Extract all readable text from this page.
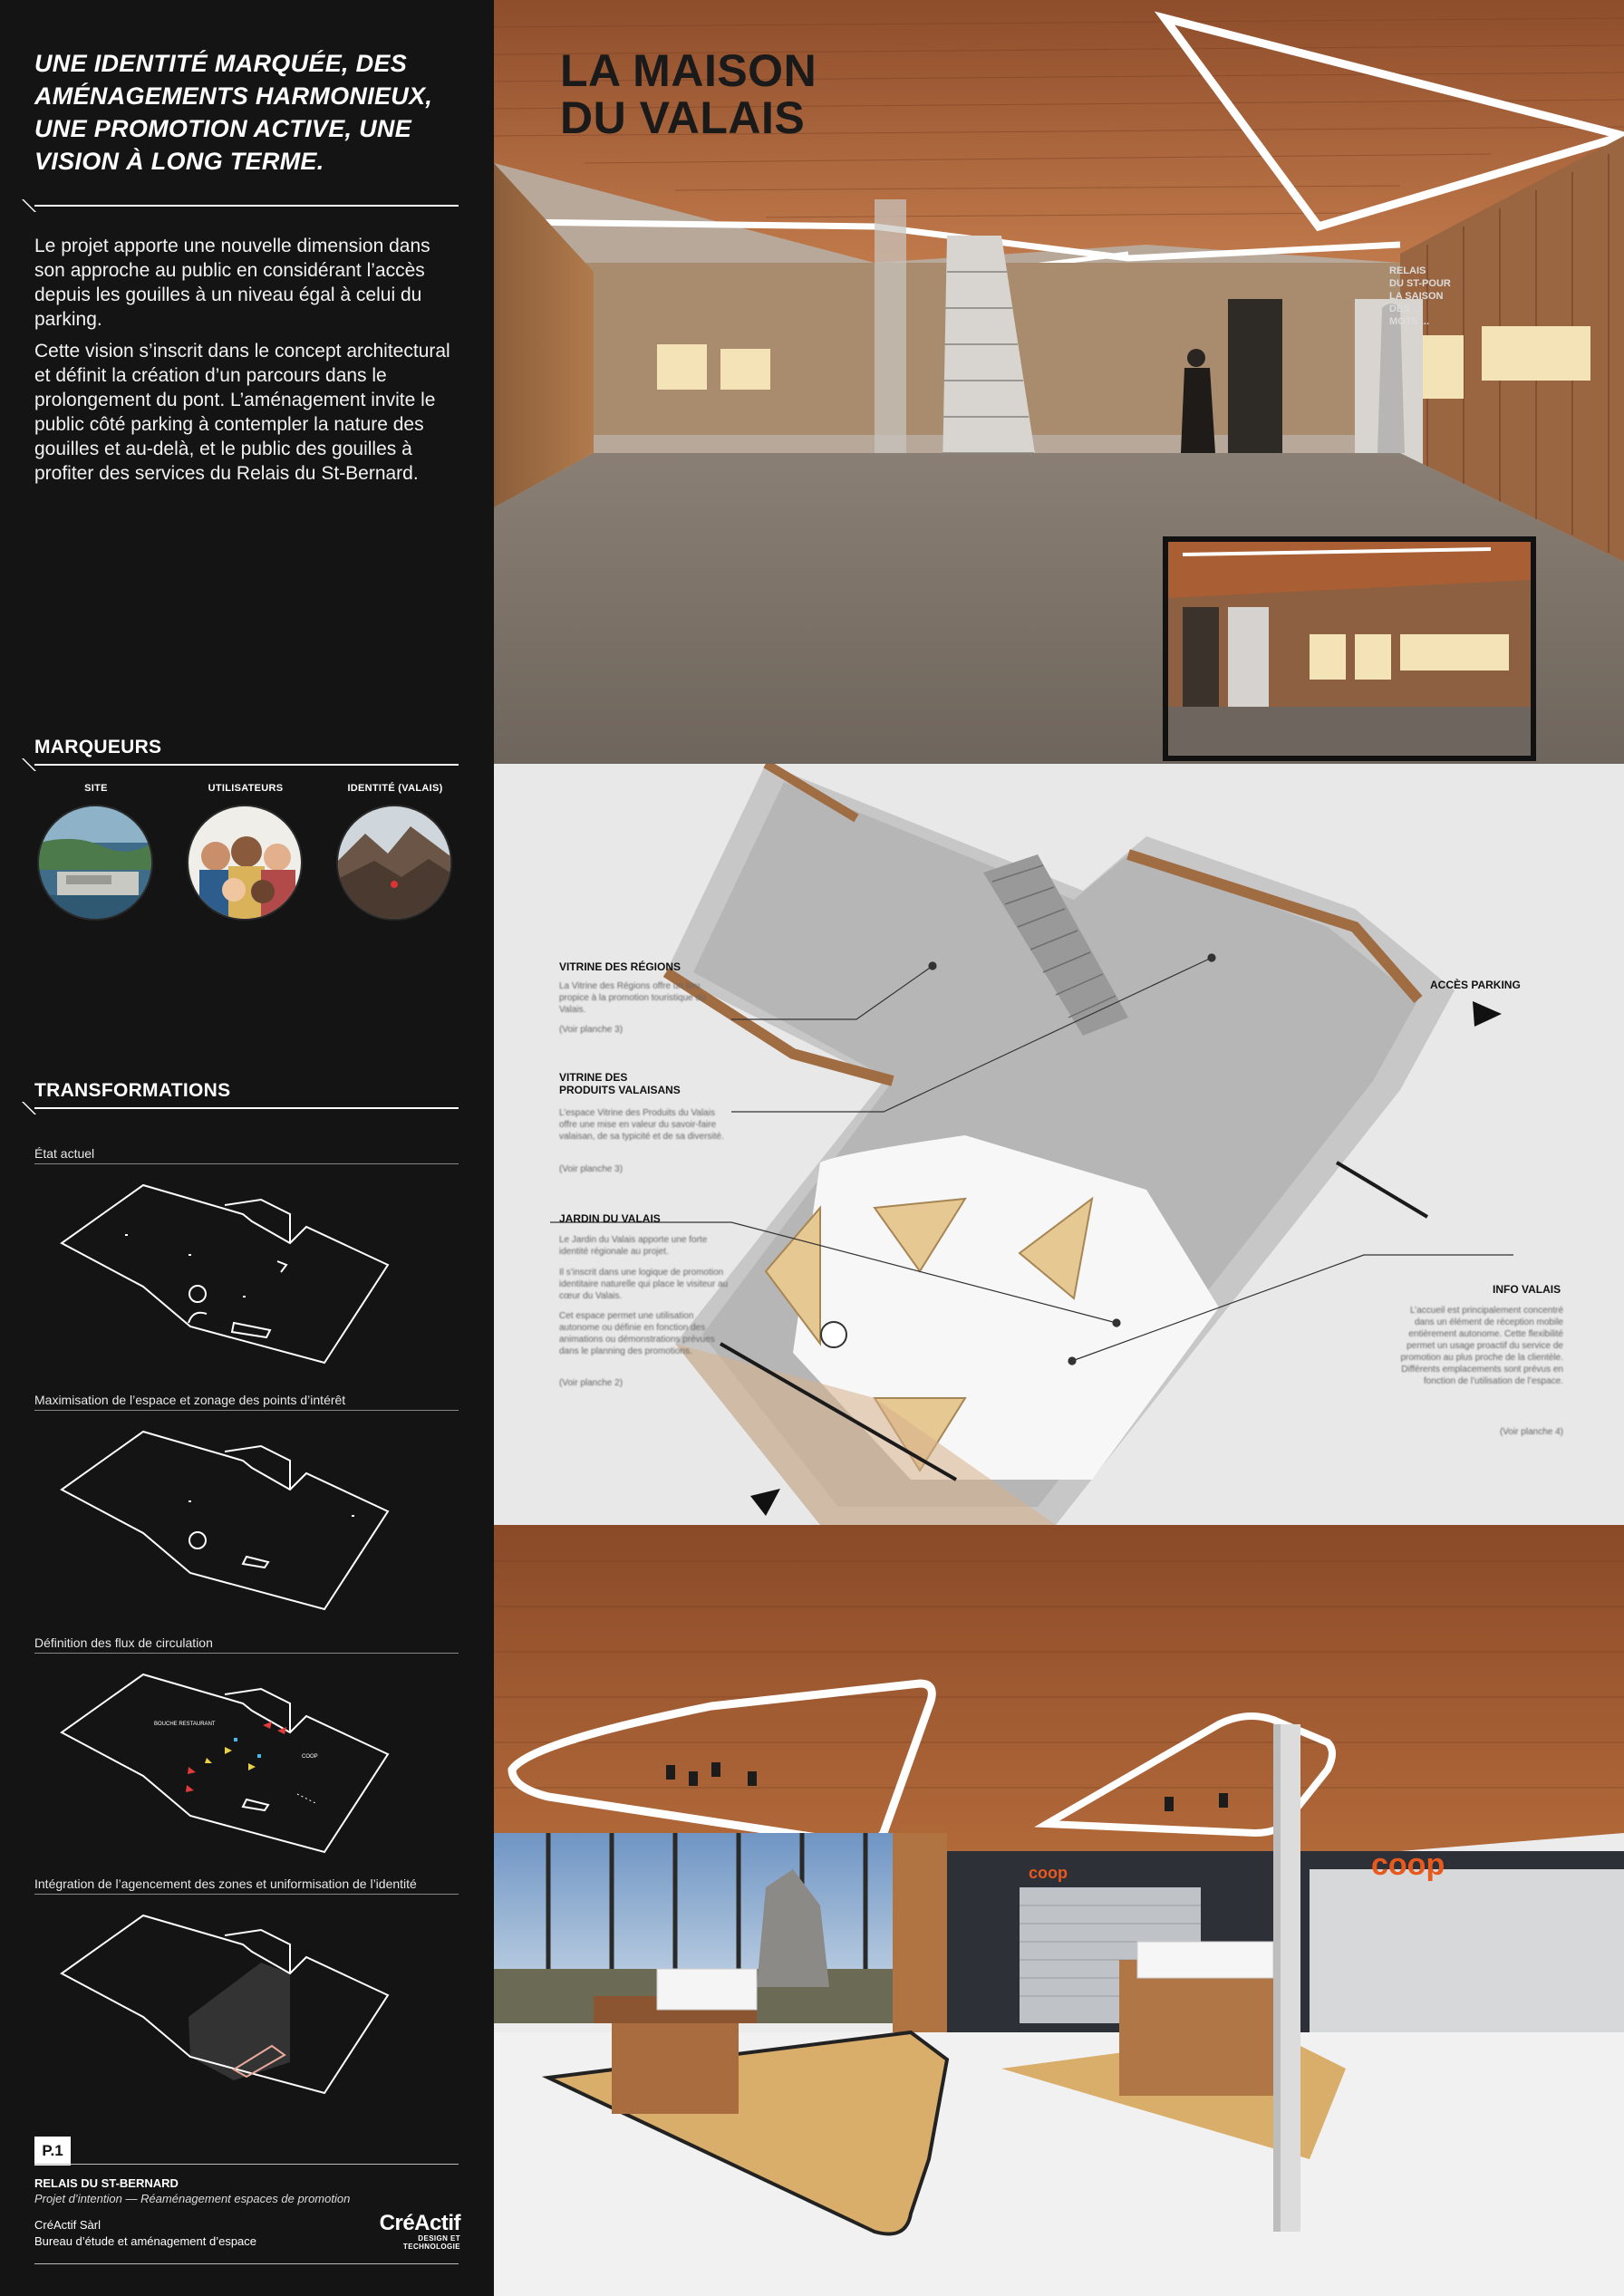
UNE IDENTITÉ MARQUÉE, DES AMÉNAGEMENTS HARMONIEUX, UNE PROMOTION ACTIVE, UNE VISION À LONG TERME.
Le projet apporte une nouvelle dimension dans son approche au public en considérant l’accès depuis les gouilles à un niveau égal à celui du parking.
Cette vision s’inscrit dans le concept architectural et définit la création d’un parcours dans le prolongement du pont. L’aménagement invite le public côté parking à contempler la nature des gouilles et au-delà, et le public des gouilles à profiter des services du Relais du St-Bernard.
MARQUEURS
SITE	UTILISATEURS	IDENTITÉ (VALAIS)
TRANSFORMATIONS
État actuel
Maximisation de l’espace et zonage des points d’intérêt
Définition des flux de circulation
BOUCHE RESTAURANT
COOP
Intégration de l’agencement des zones et uniformisation de l’identité
P.1
RELAIS DU ST-BERNARD
Projet d’intention — Réaménagement espaces de promotion
CréActif Sàrl
Bureau d’étude et aménagement d’espace
CréActif
DESIGN ET TECHNOLOGIE
RELAIS
DU ST-POUR
LA SAISON
DES ...
MOTS ...
LA MAISON
DU VALAIS
VITRINE DES RÉGIONS
La Vitrine des Régions offre un lieu propice à la promotion touristique du Valais.
(Voir planche 3)
VITRINE DES
PRODUITS VALAISANS
L’espace Vitrine des Produits du Valais offre une mise en valeur du savoir-faire valaisan, de sa typicité et de sa diversité.
(Voir planche 3)
JARDIN DU VALAIS
Le Jardin du Valais apporte une forte identité régionale au projet.
Il s’inscrit dans une logique de promotion identitaire naturelle qui place le visiteur au cœur du Valais.
Cet espace permet une utilisation autonome ou définie en fonction des animations ou démonstrations prévues dans le planning des promotions.
(Voir planche 2)
INFO VALAIS
L’accueil est principalement concentré dans un élément de réception mobile entièrement autonome. Cette flexibilité permet un usage proactif du service de promotion au plus proche de la clientèle. Différents emplacements sont prévus en fonction de l’utilisation de l’espace.
(Voir planche 4)
ACCÈS PARKING
coop
coop
